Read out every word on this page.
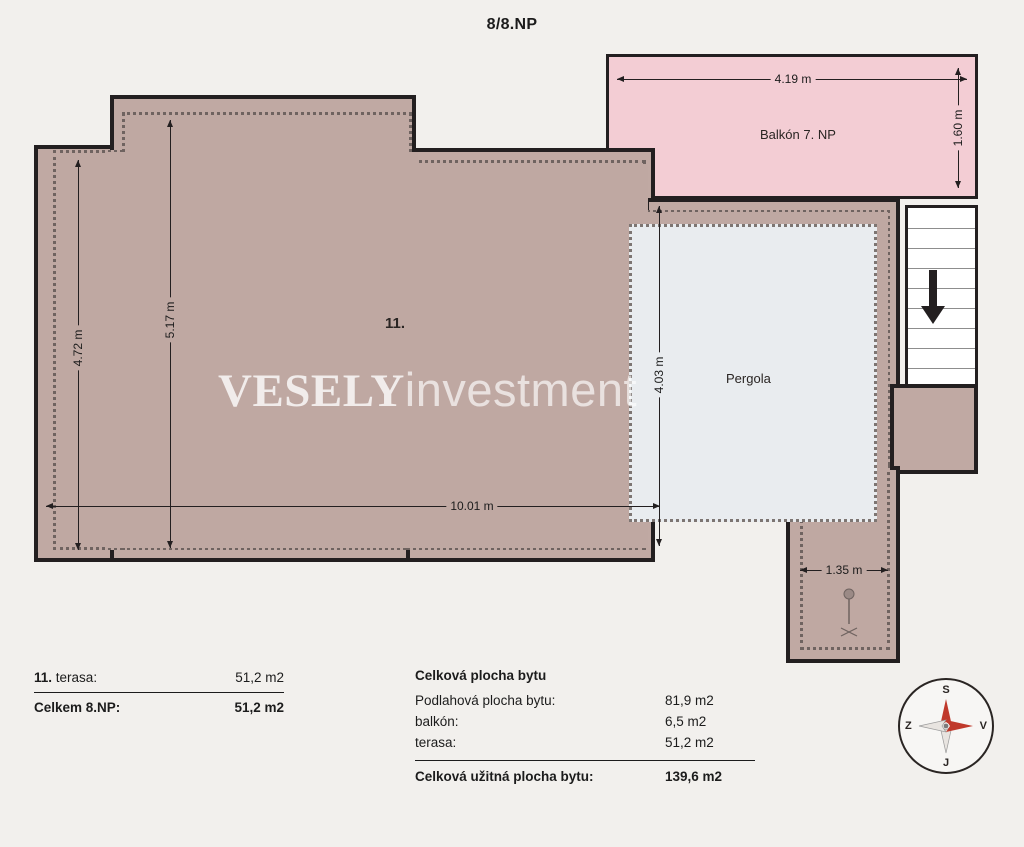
8/8.NP
Balkón 7. NP
4.19 m
1.60 m
Pergola
11.
VESELYinvestment
4.72 m
5.17 m
10.01 m
4.03 m
1.35 m
11. terasa:	51,2 m2
Celkem 8.NP:	51,2 m2
Celková plocha bytu
Podlahová plocha bytu:	81,9 m2
balkón:	6,5 m2
terasa:	51,2 m2
Celková užitná plocha bytu:	139,6 m2
S
J
V
Z
